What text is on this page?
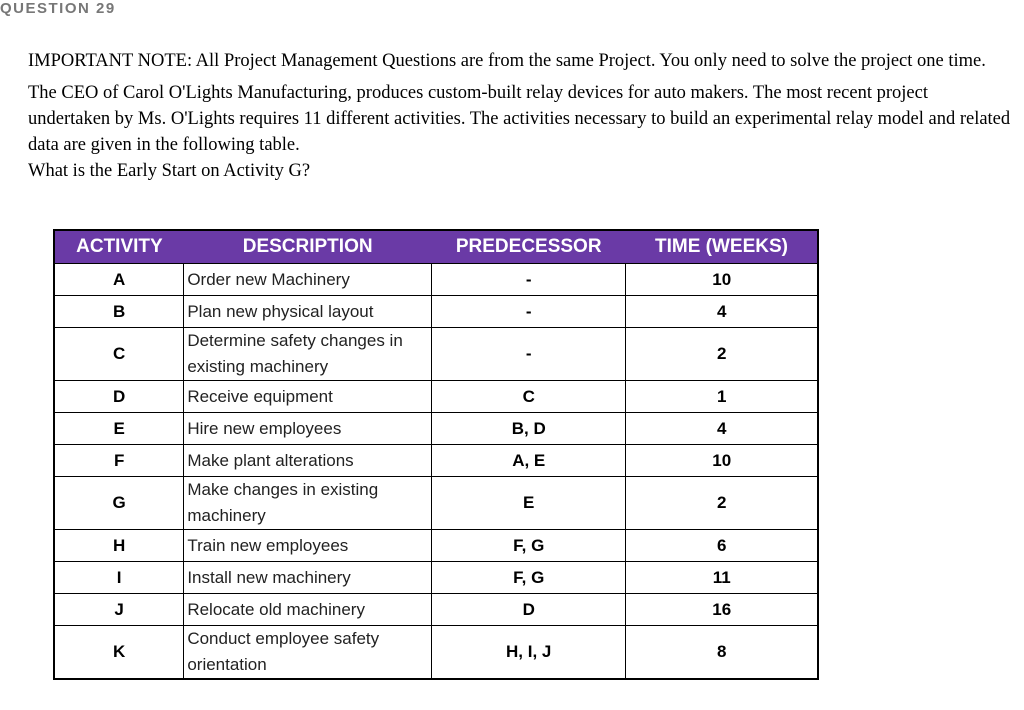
QUESTION 29

IMPORTANT NOTE: All Project Management Questions are from the same Project. You only need to solve the project one time.

The CEO of Carol O'Lights Manufacturing, produces custom-built relay devices for auto makers. The most recent project undertaken by Ms. O'Lights requires 11 different activities. The activities necessary to build an experimental relay model and related data are given in the following table.
What is the Early Start on Activity G?

ACTIVITY	DESCRIPTION	PREDECESSOR	TIME (WEEKS)
A	Order new Machinery	-	10
B	Plan new physical layout	-	4
C	Determine safety changes in existing machinery	-	2
D	Receive equipment	C	1
E	Hire new employees	B, D	4
F	Make plant alterations	A, E	10
G	Make changes in existing machinery	E	2
H	Train new employees	F, G	6
I	Install new machinery	F, G	11
J	Relocate old machinery	D	16
K	Conduct employee safety orientation	H, I, J	8
